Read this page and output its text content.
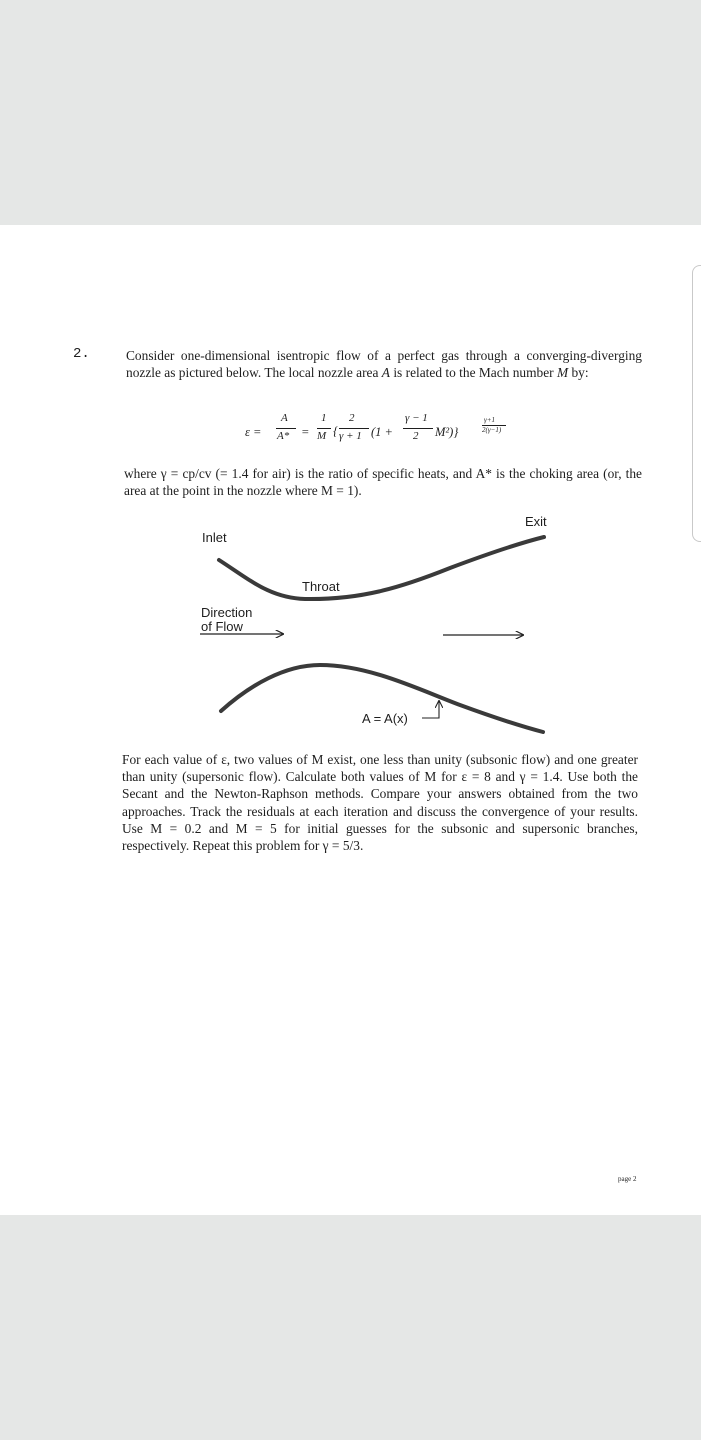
2.	Consider one-dimensional isentropic flow of a perfect gas through a converging-diverging nozzle as pictured below. The local nozzle area A is related to the Mach number M by:

ε =
A
A* =
1
M {
2
γ + 1 (1 +
γ − 1
2 M²)}
γ+1
2(γ−1)

where γ = cp/cv (= 1.4 for air) is the ratio of specific heats, and A* is the choking area (or, the area at the point in the nozzle where M = 1).

Inlet
Exit
Throat
Direction
of Flow
A = A(x)

For each value of ε, two values of M exist, one less than unity (subsonic flow) and one greater than unity (supersonic flow). Calculate both values of M for ε = 8 and γ = 1.4. Use both the Secant and the Newton-Raphson methods. Compare your answers obtained from the two approaches. Track the residuals at each iteration and discuss the convergence of your results. Use M = 0.2 and M = 5 for initial guesses for the subsonic and supersonic branches, respectively. Repeat this problem for γ = 5/3.

page 2
